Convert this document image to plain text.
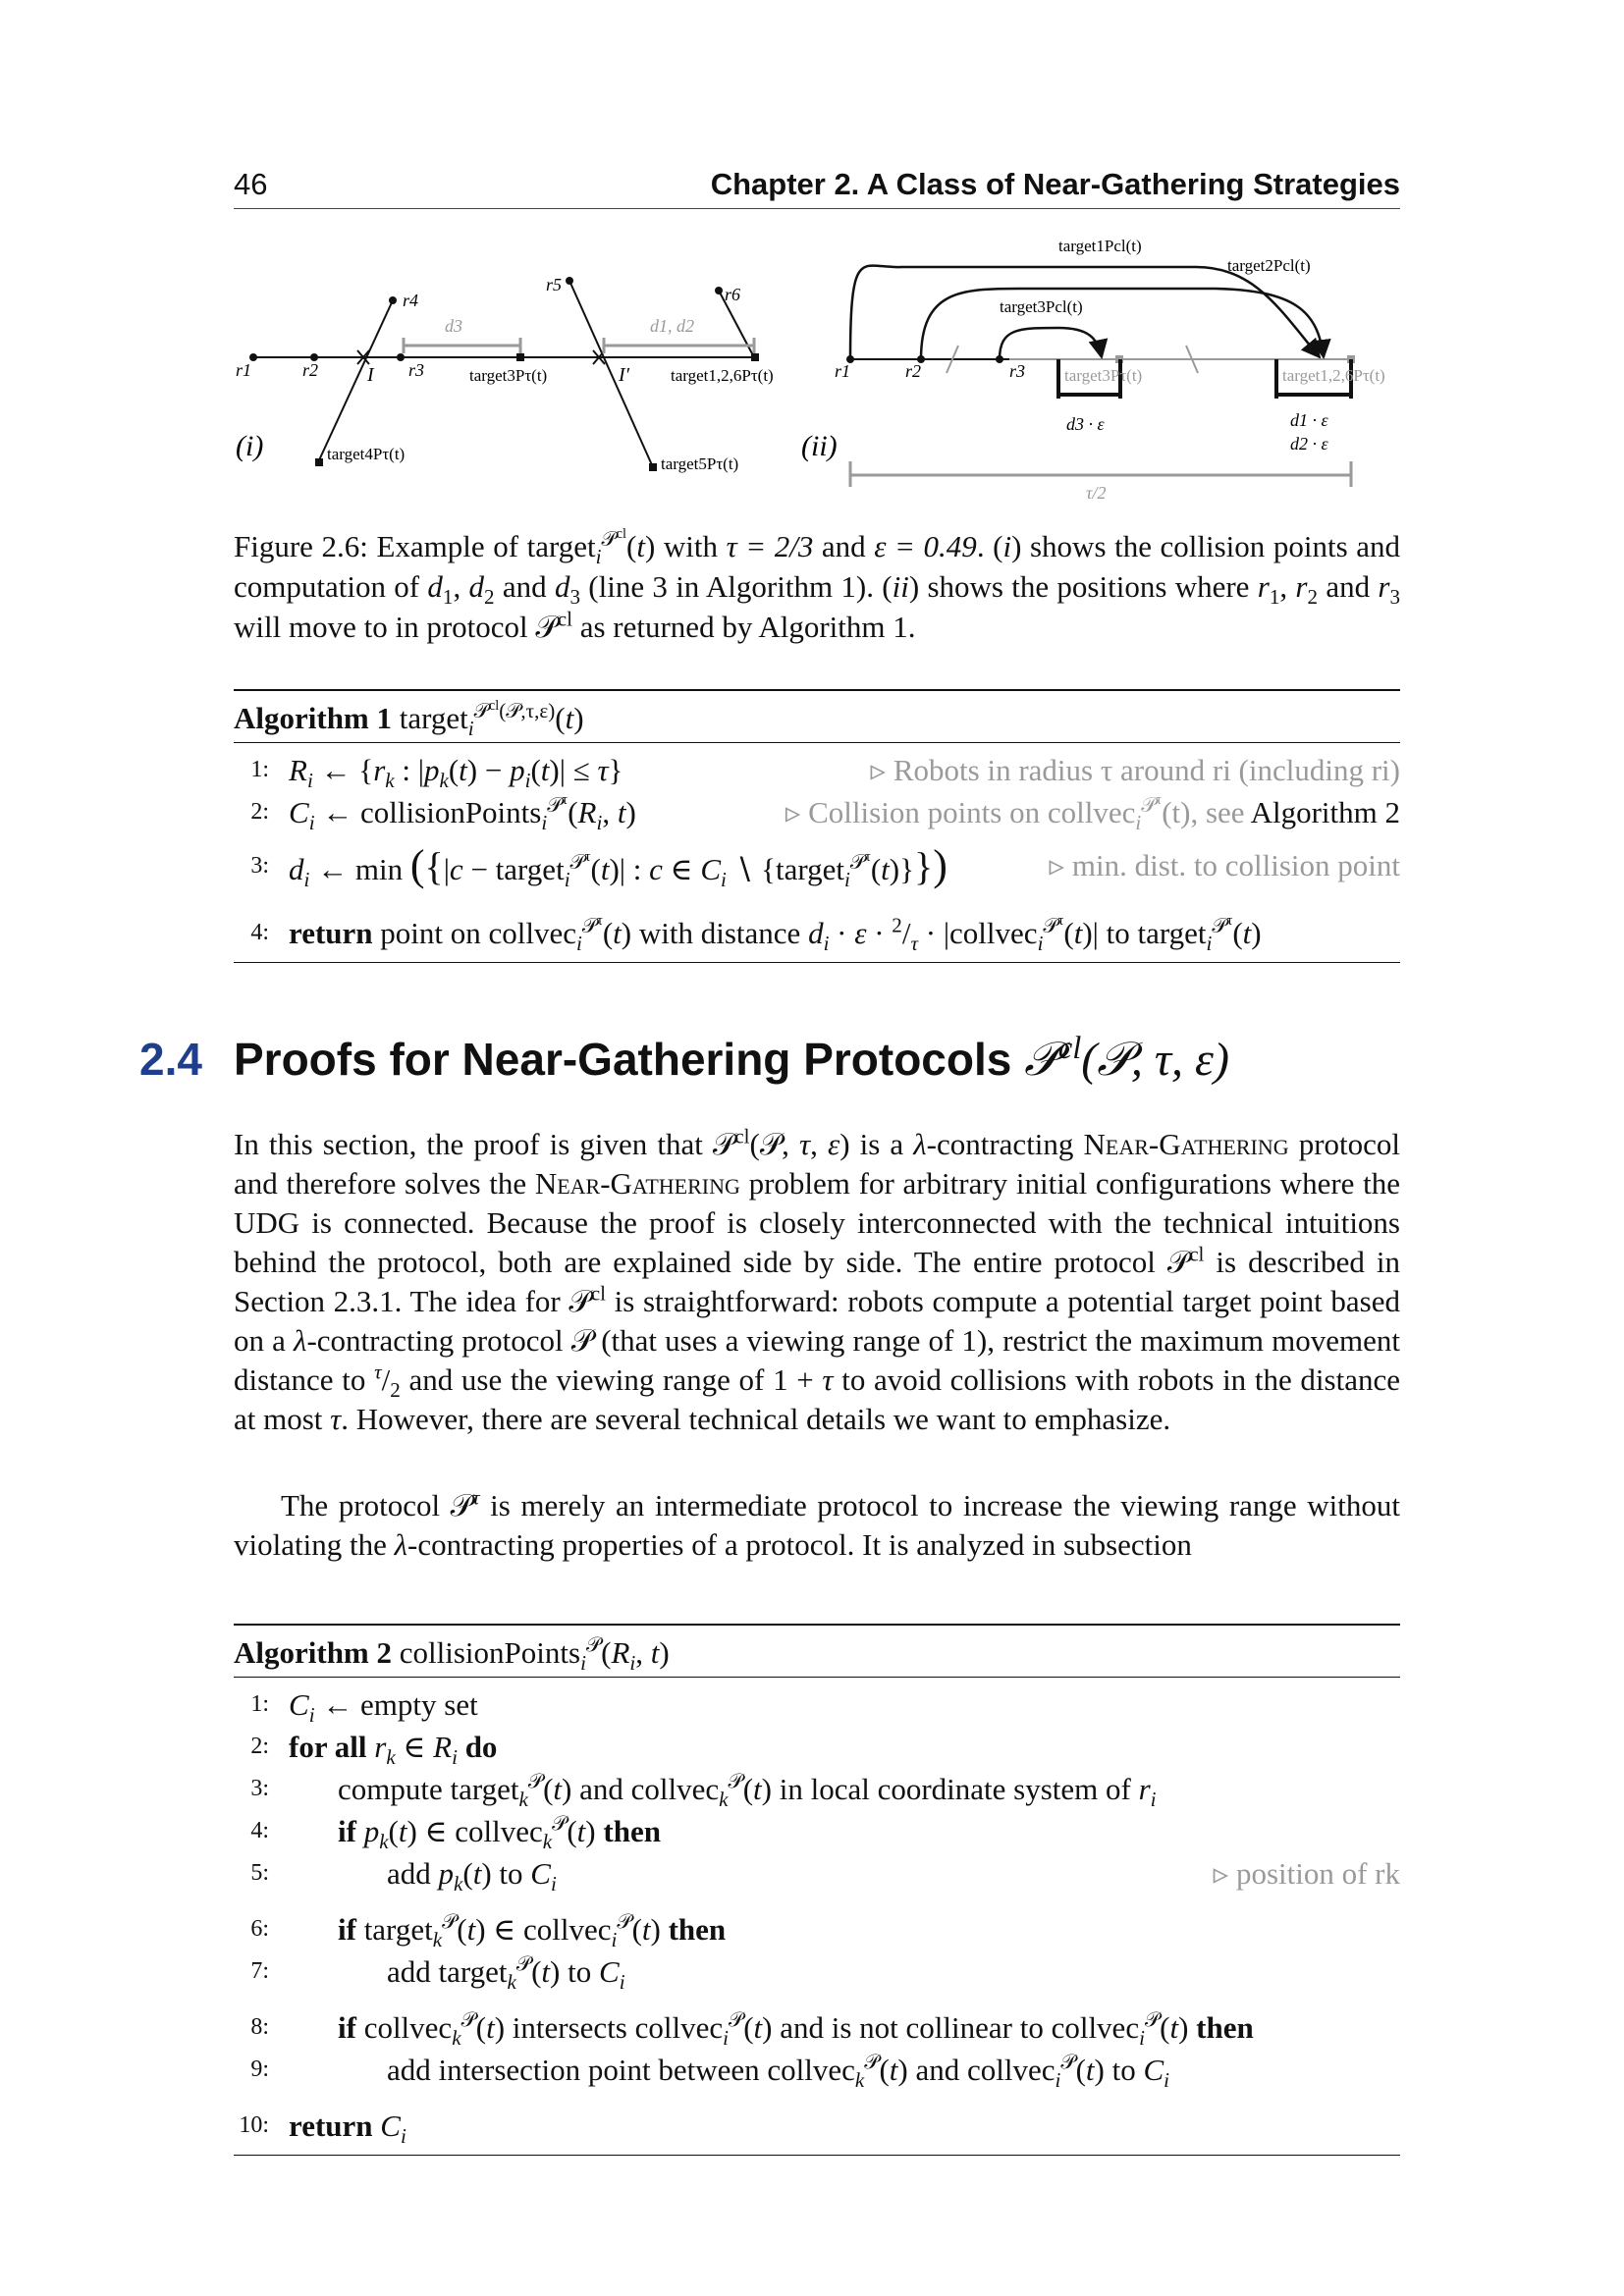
46	Chapter 2. A Class of Near-Gathering Strategies
r1	r2	r3
r4
r5	r6
I	I′
d3	d1, d2
target3Pτ(t)	target1,2,6Pτ(t)
target4Pτ(t)
target5Pτ(t)
(i)
r1	r2	r3
target1Pcl(t)
target2Pcl(t)
target3Pcl(t)
target3Pτ(t)	target1,2,6Pτ(t)
d3 · ε	d1 · ε
d2 · ε
τ/2
(ii)
Figure 2.6: Example of target$_i^{𝒫^{cl}}$(t) with τ = 2/3 and ε = 0.49. (i) shows the collision points and computation of $d_1$, $d_2$ and $d_3$ (line 3 in Algorithm 1). (ii) shows the positions where $r_1$, $r_2$ and $r_3$ will move to in protocol 𝒫$^{cl}$ as returned by Algorithm 1.
Algorithm 1 target$_i^{𝒫^{cl}(𝒫,\tau,\varepsilon)}$(t)
1: $R_i$ ← {$r_k$ : $|p_k(t) - p_i(t)| \le \tau$}	▹ Robots in radius τ around ri (including ri)
2: $C_i$ ← $collisionPoints_i^{𝒫^\tau}(R_i$, t)	▹ Collision points on collvec$_i^{𝒫^\tau}$(t), see Algorithm 2
3: $d_i$ ← min ({|c − target$_i^{𝒫^\tau}$(t)| : c ∈ $C_i$ ∖ {target$_i^{𝒫^\tau}$(t)}})	▹ min. dist. to collision point
4: return point on collvec$_i^{𝒫^\tau}$(t) with distance $d_i \cdot \varepsilon \cdot ^2/_\tau$ · |collvec$_i^{𝒫^\tau}$(t)| to target$_i^{𝒫^\tau}$(t)
2.4 Proofs for Near-Gathering Protocols 𝒫$^{cl}$(𝒫, τ, ε)
In this section, the proof is given that 𝒫$^{cl}$(𝒫, τ, ε) is a λ-contracting Near-Gathering protocol and therefore solves the Near-Gathering problem for arbitrary initial configurations where the UDG is connected. Because the proof is closely interconnected with the technical intuitions behind the protocol, both are explained side by side. The entire protocol 𝒫$^{cl}$ is described in Section 2.3.1. The idea for 𝒫$^{cl}$ is straightforward: robots compute a potential target point based on a λ-contracting protocol 𝒫 (that uses a viewing range of 1), restrict the maximum movement distance to $^\tau/_2$ and use the viewing range of 1 + τ to avoid collisions with robots in the distance at most τ. However, there are several technical details we want to emphasize.
The protocol 𝒫$^\tau$ is merely an intermediate protocol to increase the viewing range without violating the λ-contracting properties of a protocol. It is analyzed in subsection
Algorithm 2 $collisionPoints_i^𝒫(R_i$, t)
1: $C_i$ ← empty set
2: for all $r_k$ ∈ $R_i$ do
3: compute target$_k^𝒫$(t) and collvec$_k^𝒫$(t) in local coordinate system of $r_i$
4: if $p_k(t)$ ∈ collvec$_k^𝒫$(t) then
5:	add $p_k(t)$ to $C_i$	▹ position of rk
6: if target$_k^𝒫$(t) ∈ collvec$_i^𝒫$(t) then
7:	add target$_k^𝒫$(t) to $C_i$
8: if collvec$_k^𝒫$(t) intersects collvec$_i^𝒫$(t) and is not collinear to collvec$_i^𝒫$(t) then
9:	add intersection point between collvec$_k^𝒫$(t) and collvec$_i^𝒫$(t) to $C_i$
10: return $C_i$
